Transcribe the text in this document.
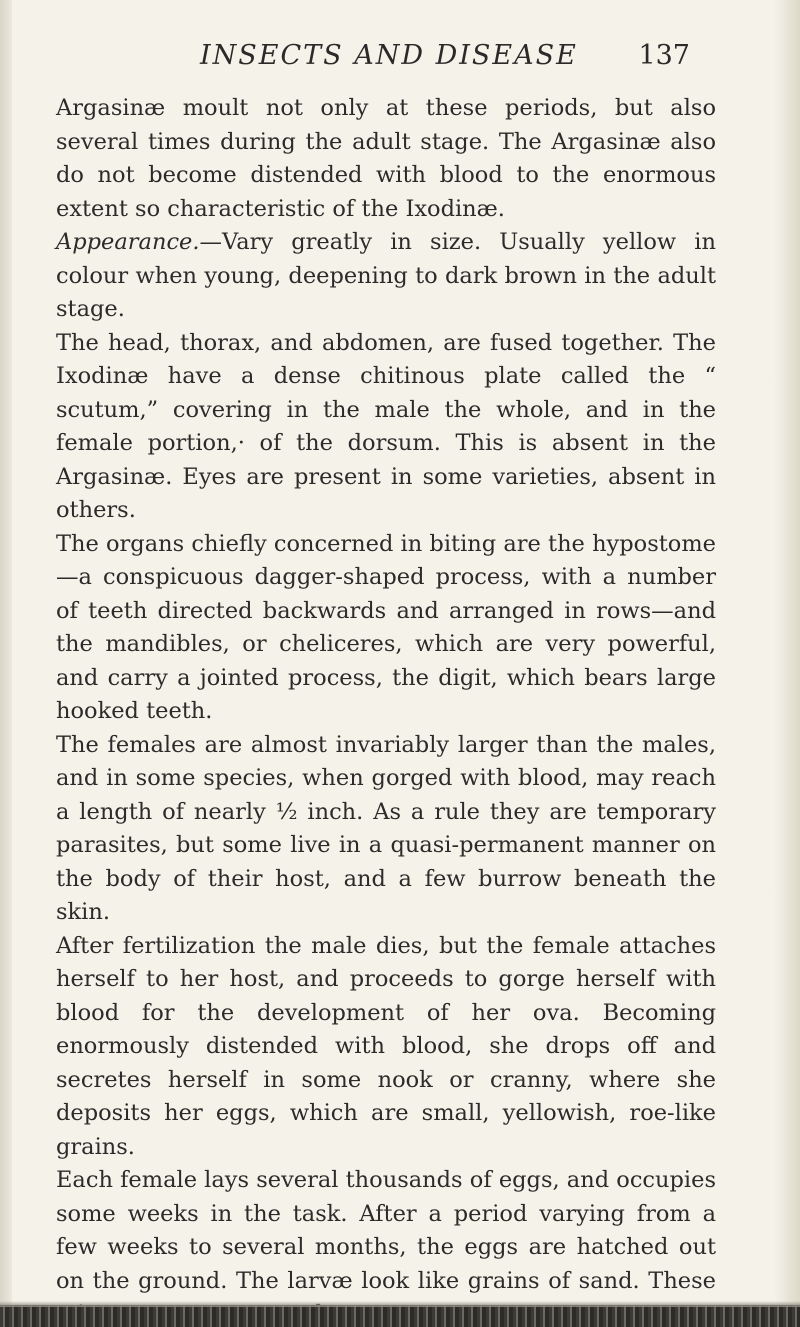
INSECTS AND DISEASE 137

Argasinæ moult not only at these periods, but also several times during the adult stage. The Argasinæ also do not become distended with blood to the enormous extent so characteristic of the Ixodinæ.

Appearance.—Vary greatly in size. Usually yellow in colour when young, deepening to dark brown in the adult stage.

The head, thorax, and abdomen, are fused together. The Ixodinæ have a dense chitinous plate called the “ scutum,” covering in the male the whole, and in the female portion,· of the dorsum. This is absent in the Argasinæ. Eyes are present in some varieties, absent in others.

The organs chiefly concerned in biting are the hypostome—a conspicuous dagger-shaped process, with a number of teeth directed backwards and arranged in rows—and the mandibles, or cheliceres, which are very powerful, and carry a jointed process, the digit, which bears large hooked teeth.

The females are almost invariably larger than the males, and in some species, when gorged with blood, may reach a length of nearly ½ inch. As a rule they are temporary parasites, but some live in a quasi-permanent manner on the body of their host, and a few burrow beneath the skin.

After fertilization the male dies, but the female attaches herself to her host, and proceeds to gorge herself with blood for the development of her ova. Becoming enormously distended with blood, she drops off and secretes herself in some nook or cranny, where she deposits her eggs, which are small, yellowish, roe-like grains.

Each female lays several thousands of eggs, and occupies some weeks in the task. After a period varying from a few weeks to several months, the eggs are hatched out on the ground. The larvæ look like grains of sand. These
